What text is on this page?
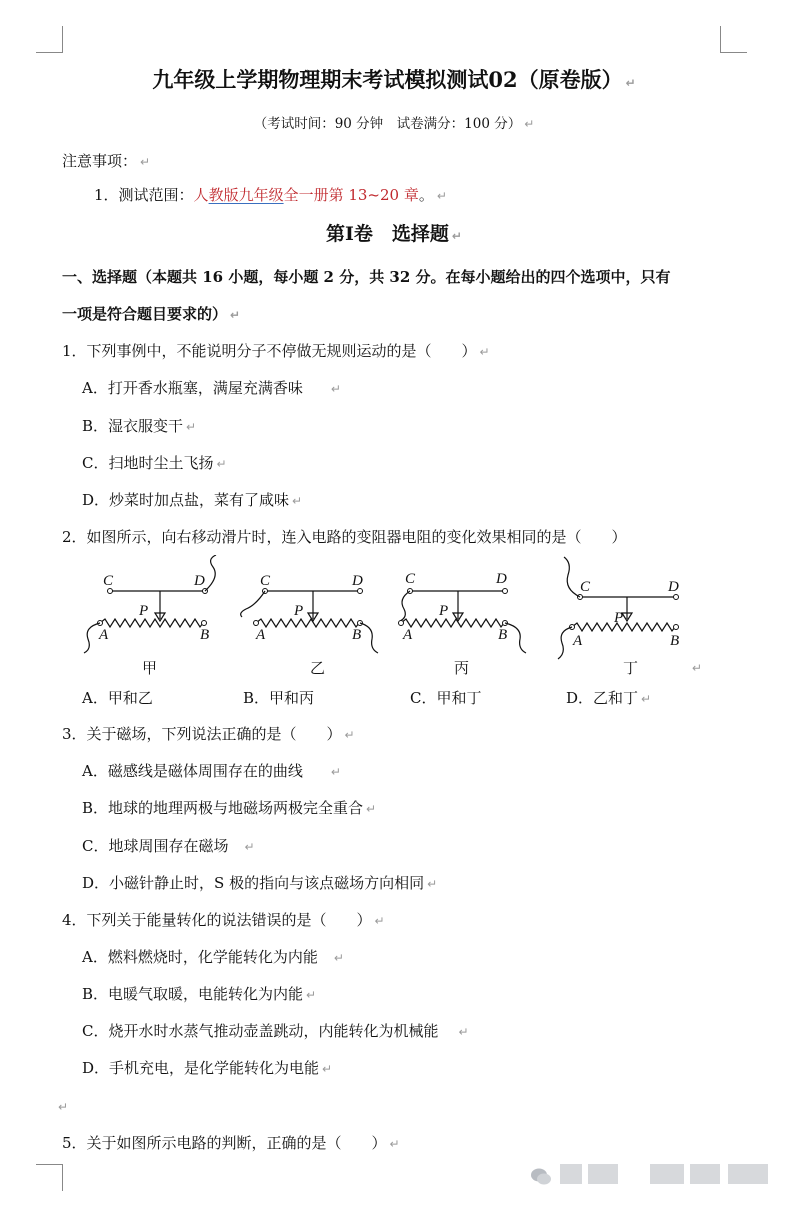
九年级上学期物理期末考试模拟测试02（原卷版） ↵
（考试时间：90 分钟　试卷满分：100 分） ↵
注意事项： ↵
1．测试范围：人教版九年级全一册第 13~20 章。 ↵
第Ⅰ卷　选择题 ↵
一、选择题（本题共 16 小题，每小题 2 分，共 32 分。在每小题给出的四个选项中，只有
一项是符合题目要求的） ↵
1．下列事例中，不能说明分子不停做无规则运动的是（　　） ↵
A．打开香水瓶塞，满屋充满香味 ↵
B．湿衣服变干 ↵
C．扫地时尘土飞扬 ↵
D．炒菜时加点盐，菜有了咸味 ↵
2．如图所示，向右移动滑片时，连入电路的变阻器电阻的变化效果相同的是（　　）
C	D
P
A	B
甲
C	D
P
A	B
乙
C	D
P
A	B
丙
C	D
P
A	B
丁	↵
A．甲和乙	B．甲和丙	C．甲和丁	D．乙和丁 ↵
3．关于磁场，下列说法正确的是（　　） ↵
A．磁感线是磁体周围存在的曲线 ↵
B．地球的地理两极与地磁场两极完全重合 ↵
C．地球周围存在磁场 ↵
D．小磁针静止时，S 极的指向与该点磁场方向相同 ↵
4．下列关于能量转化的说法错误的是（　　） ↵
A．燃料燃烧时，化学能转化为内能 ↵
B．电暖气取暖，电能转化为内能 ↵
C．烧开水时水蒸气推动壶盖跳动，内能转化为机械能 ↵
D．手机充电，是化学能转化为电能 ↵
↵
5．关于如图所示电路的判断，正确的是（　　） ↵
